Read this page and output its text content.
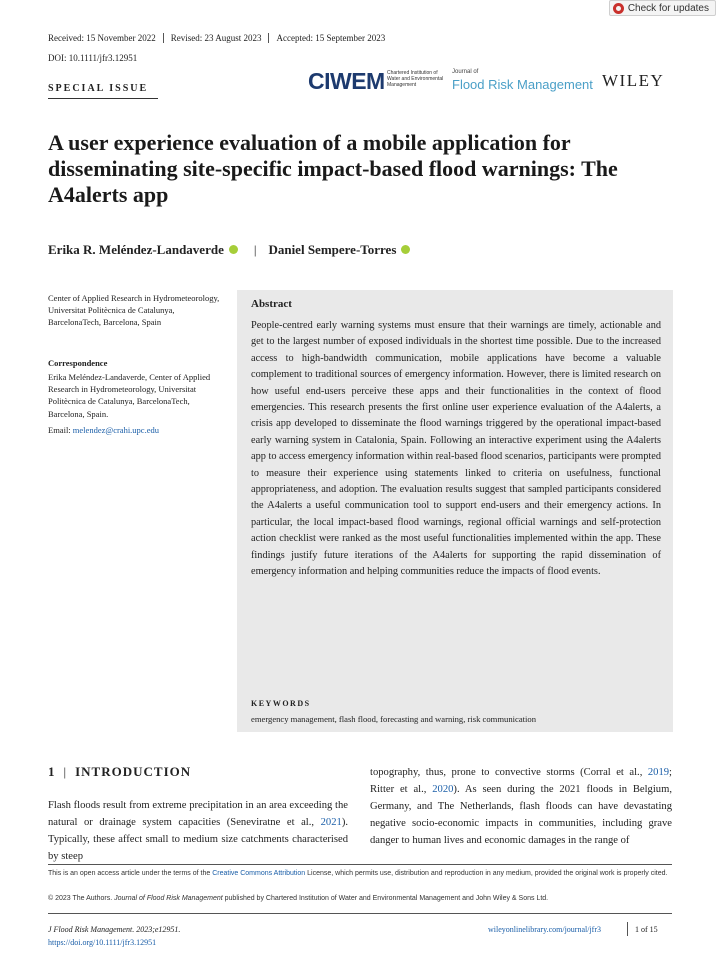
Check for updates
Received: 15 November 2022	Revised: 23 August 2023	Accepted: 15 September 2023
DOI: 10.1111/jfr3.12951
SPECIAL ISSUE	CIWEM Chartered Institution of Water and Environmental Management
Journal of
Flood Risk Management WILEY
A user experience evaluation of a mobile application for disseminating site-specific impact-based flood warnings: The A4alerts app
Erika R. Meléndez-Landaverde | Daniel Sempere-Torres
Center of Applied Research in Hydrometeorology, Universitat Politècnica de Catalunya, BarcelonaTech, Barcelona, Spain
Correspondence
Erika Meléndez-Landaverde, Center of Applied Research in Hydrometeorology, Universitat Politècnica de Catalunya, BarcelonaTech, Barcelona, Spain.
Email: melendez@crahi.upc.edu
Abstract

People-centred early warning systems must ensure that their warnings are timely, actionable and get to the largest number of exposed individuals in the shortest time possible. Due to the increased access to high-bandwidth communication, mobile applications have become a valuable complement to traditional sources of emergency information. However, there is limited research on how useful end-users perceive these apps and their functionalities in the context of flood emergencies. This research presents the first online user experience evaluation of the A4alerts, a crisis app developed to disseminate the flood warnings triggered by the operational impact-based early warning system in Catalonia, Spain. Following an interactive experiment using the A4alerts app to access emergency information within real-based flood scenarios, participants were prompted to measure their experience using statements linked to criteria on usefulness, functional appropriateness, and adoption. The evaluation results suggest that sampled participants considered the A4alerts a useful communication tool to support end-users and their emergency actions. In particular, the local impact-based flood warnings, regional official warnings and self-protection action checklist were ranked as the most useful functionalities implemented within the app. These findings justify future iterations of the A4alerts for supporting the rapid dissemination of emergency information and helping communities reduce the impacts of flood events.

KEYWORDS
emergency management, flash flood, forecasting and warning, risk communication
1 | INTRODUCTION

Flash floods result from extreme precipitation in an area exceeding the natural or drainage system capacities (Seneviratne et al., 2021). Typically, these affect small to medium size catchments characterised by steep

topography, thus, prone to convective storms (Corral et al., 2019; Ritter et al., 2020). As seen during the 2021 floods in Belgium, Germany, and The Netherlands, flash floods can have devastating negative socio-economic impacts in communities, including grave danger to human lives and economic damages in the range of

This is an open access article under the terms of the Creative Commons Attribution License, which permits use, distribution and reproduction in any medium, provided the original work is properly cited.
© 2023 The Authors. Journal of Flood Risk Management published by Chartered Institution of Water and Environmental Management and John Wiley & Sons Ltd.
J Flood Risk Management. 2023;e12951.
https://doi.org/10.1111/jfr3.12951
wileyonlinelibrary.com/journal/jfr3	1 of 15
